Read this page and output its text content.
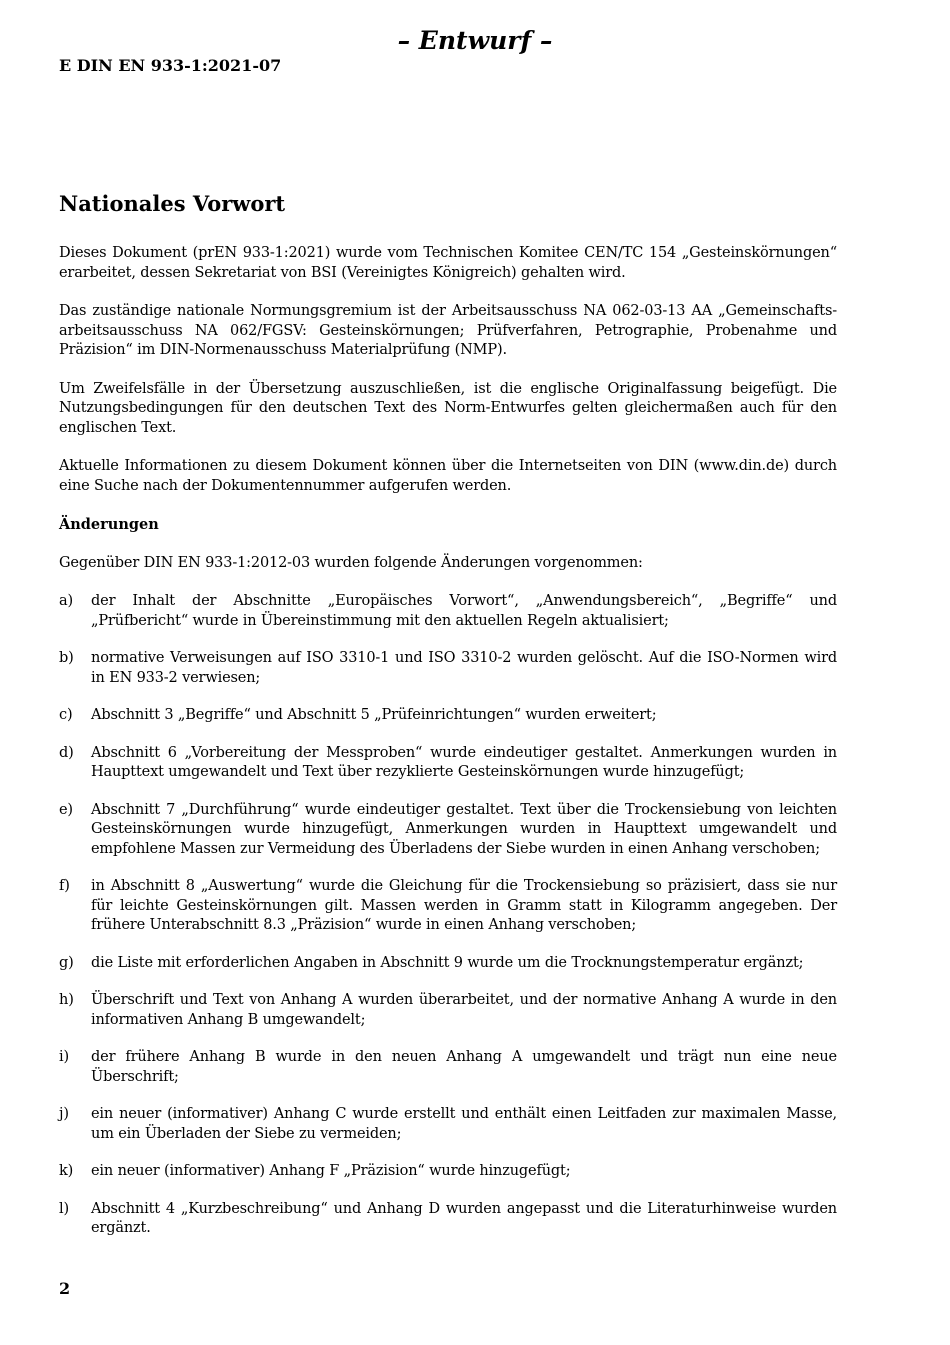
– Entwurf –
E DIN EN 933-1:2021-07
Nationales Vorwort

Dieses Dokument (prEN 933-1:2021) wurde vom Technischen Komitee CEN/TC 154 „Gesteinskörnungen“ erarbeitet, dessen Sekretariat von BSI (Vereinigtes Königreich) gehalten wird.

Das zuständige nationale Normungsgremium ist der Arbeitsausschuss NA 062-03-13 AA „Gemeinschafts-arbeitsausschuss NA 062/FGSV: Gesteinskörnungen; Prüfverfahren, Petrographie, Probenahme und Präzision“ im DIN-Normenausschuss Materialprüfung (NMP).

Um Zweifelsfälle in der Übersetzung auszuschließen, ist die englische Originalfassung beigefügt. Die Nutzungsbedingungen für den deutschen Text des Norm-Entwurfes gelten gleichermaßen auch für den englischen Text.

Aktuelle Informationen zu diesem Dokument können über die Internetseiten von DIN (www.din.de) durch eine Suche nach der Dokumentennummer aufgerufen werden.

Änderungen

Gegenüber DIN EN 933-1:2012-03 wurden folgende Änderungen vorgenommen:

a)	der Inhalt der Abschnitte „Europäisches Vorwort“, „Anwendungsbereich“, „Begriffe“ und „Prüfbericht“ wurde in Übereinstimmung mit den aktuellen Regeln aktualisiert;
b)	normative Verweisungen auf ISO 3310-1 und ISO 3310-2 wurden gelöscht. Auf die ISO-Normen wird in EN 933-2 verwiesen;
c)	Abschnitt 3 „Begriffe“ und Abschnitt 5 „Prüfeinrichtungen“ wurden erweitert;
d)	Abschnitt 6 „Vorbereitung der Messproben“ wurde eindeutiger gestaltet. Anmerkungen wurden in Haupttext umgewandelt und Text über rezyklierte Gesteinskörnungen wurde hinzugefügt;
e)	Abschnitt 7 „Durchführung“ wurde eindeutiger gestaltet. Text über die Trockensiebung von leichten Gesteinskörnungen wurde hinzugefügt, Anmerkungen wurden in Haupttext umgewandelt und empfohlene Massen zur Vermeidung des Überladens der Siebe wurden in einen Anhang verschoben;
f)	in Abschnitt 8 „Auswertung“ wurde die Gleichung für die Trockensiebung so präzisiert, dass sie nur für leichte Gesteinskörnungen gilt. Massen werden in Gramm statt in Kilogramm angegeben. Der frühere Unterabschnitt 8.3 „Präzision“ wurde in einen Anhang verschoben;
g)	die Liste mit erforderlichen Angaben in Abschnitt 9 wurde um die Trocknungstemperatur ergänzt;
h)	Überschrift und Text von Anhang A wurden überarbeitet, und der normative Anhang A wurde in den informativen Anhang B umgewandelt;
i)	der frühere Anhang B wurde in den neuen Anhang A umgewandelt und trägt nun eine neue Überschrift;
j)	ein neuer (informativer) Anhang C wurde erstellt und enthält einen Leitfaden zur maximalen Masse, um ein Überladen der Siebe zu vermeiden;
k)	ein neuer (informativer) Anhang F „Präzision“ wurde hinzugefügt;
l)	Abschnitt 4 „Kurzbeschreibung“ und Anhang D wurden angepasst und die Literaturhinweise wurden ergänzt.
2
